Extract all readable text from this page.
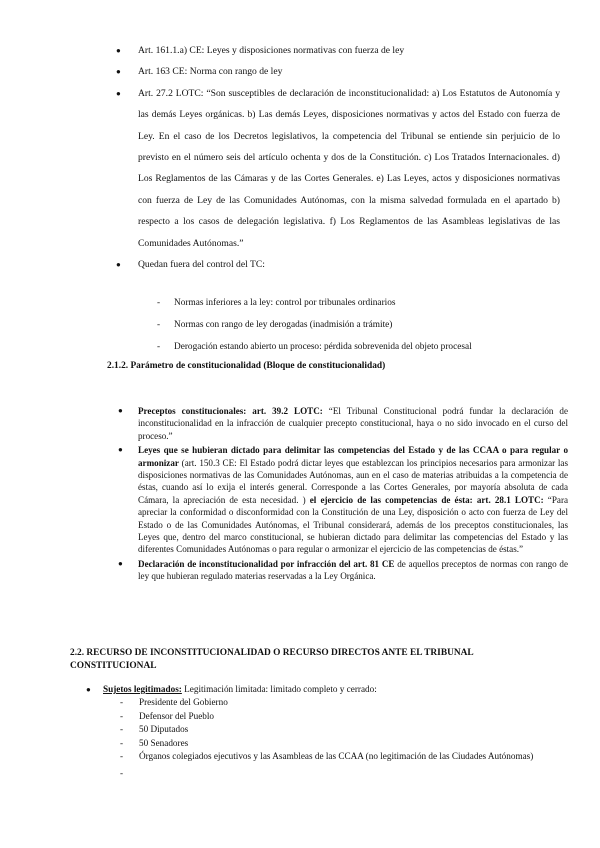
● Art. 161.1.a) CE: Leyes y disposiciones normativas con fuerza de ley
● Art. 163 CE: Norma con rango de ley
● Art. 27.2 LOTC: “Son susceptibles de declaración de inconstitucionalidad: a) Los Estatutos de Autonomía y las demás Leyes orgánicas. b) Las demás Leyes, disposiciones normativas y actos del Estado con fuerza de Ley. En el caso de los Decretos legislativos, la competencia del Tribunal se entiende sin perjuicio de lo previsto en el número seis del artículo ochenta y dos de la Constitución. c) Los Tratados Internacionales. d) Los Reglamentos de las Cámaras y de las Cortes Generales. e) Las Leyes, actos y disposiciones normativas con fuerza de Ley de las Comunidades Autónomas, con la misma salvedad formulada en el apartado b) respecto a los casos de delegación legislativa. f) Los Reglamentos de las Asambleas legislativas de las Comunidades Autónomas.”
● Quedan fuera del control del TC:
- Normas inferiores a la ley: control por tribunales ordinarios
- Normas con rango de ley derogadas (inadmisión a trámite)
- Derogación estando abierto un proceso: pérdida sobrevenida del objeto procesal
2.1.2. Parámetro de constitucionalidad (Bloque de constitucionalidad)
● Preceptos constitucionales: art. 39.2 LOTC: “El Tribunal Constitucional podrá fundar la declaración de inconstitucionalidad en la infracción de cualquier precepto constitucional, haya o no sido invocado en el curso del proceso.”
● Leyes que se hubieran dictado para delimitar las competencias del Estado y de las CCAA o para regular o armonizar (art. 150.3 CE: El Estado podrá dictar leyes que establezcan los principios necesarios para armonizar las disposiciones normativas de las Comunidades Autónomas, aun en el caso de materias atribuidas a la competencia de éstas, cuando así lo exija el interés general. Corresponde a las Cortes Generales, por mayoría absoluta de cada Cámara, la apreciación de esta necesidad. ) el ejercicio de las competencias de ésta: art. 28.1 LOTC: “Para apreciar la conformidad o disconformidad con la Constitución de una Ley, disposición o acto con fuerza de Ley del Estado o de las Comunidades Autónomas, el Tribunal considerará, además de los preceptos constitucionales, las Leyes que, dentro del marco constitucional, se hubieran dictado para delimitar las competencias del Estado y las diferentes Comunidades Autónomas o para regular o armonizar el ejercicio de las competencias de éstas.”
● Declaración de inconstitucionalidad por infracción del art. 81 CE de aquellos preceptos de normas con rango de ley que hubieran regulado materias reservadas a la Ley Orgánica.
2.2. RECURSO DE INCONSTITUCIONALIDAD O RECURSO DIRECTOS ANTE EL TRIBUNAL CONSTITUCIONAL
● Sujetos legitimados: Legitimación limitada: limitado completo y cerrado:
- Presidente del Gobierno
- Defensor del Pueblo
- 50 Diputados
- 50 Senadores
- Órganos colegiados ejecutivos y las Asambleas de las CCAA (no legitimación de las Ciudades Autónomas)
-
